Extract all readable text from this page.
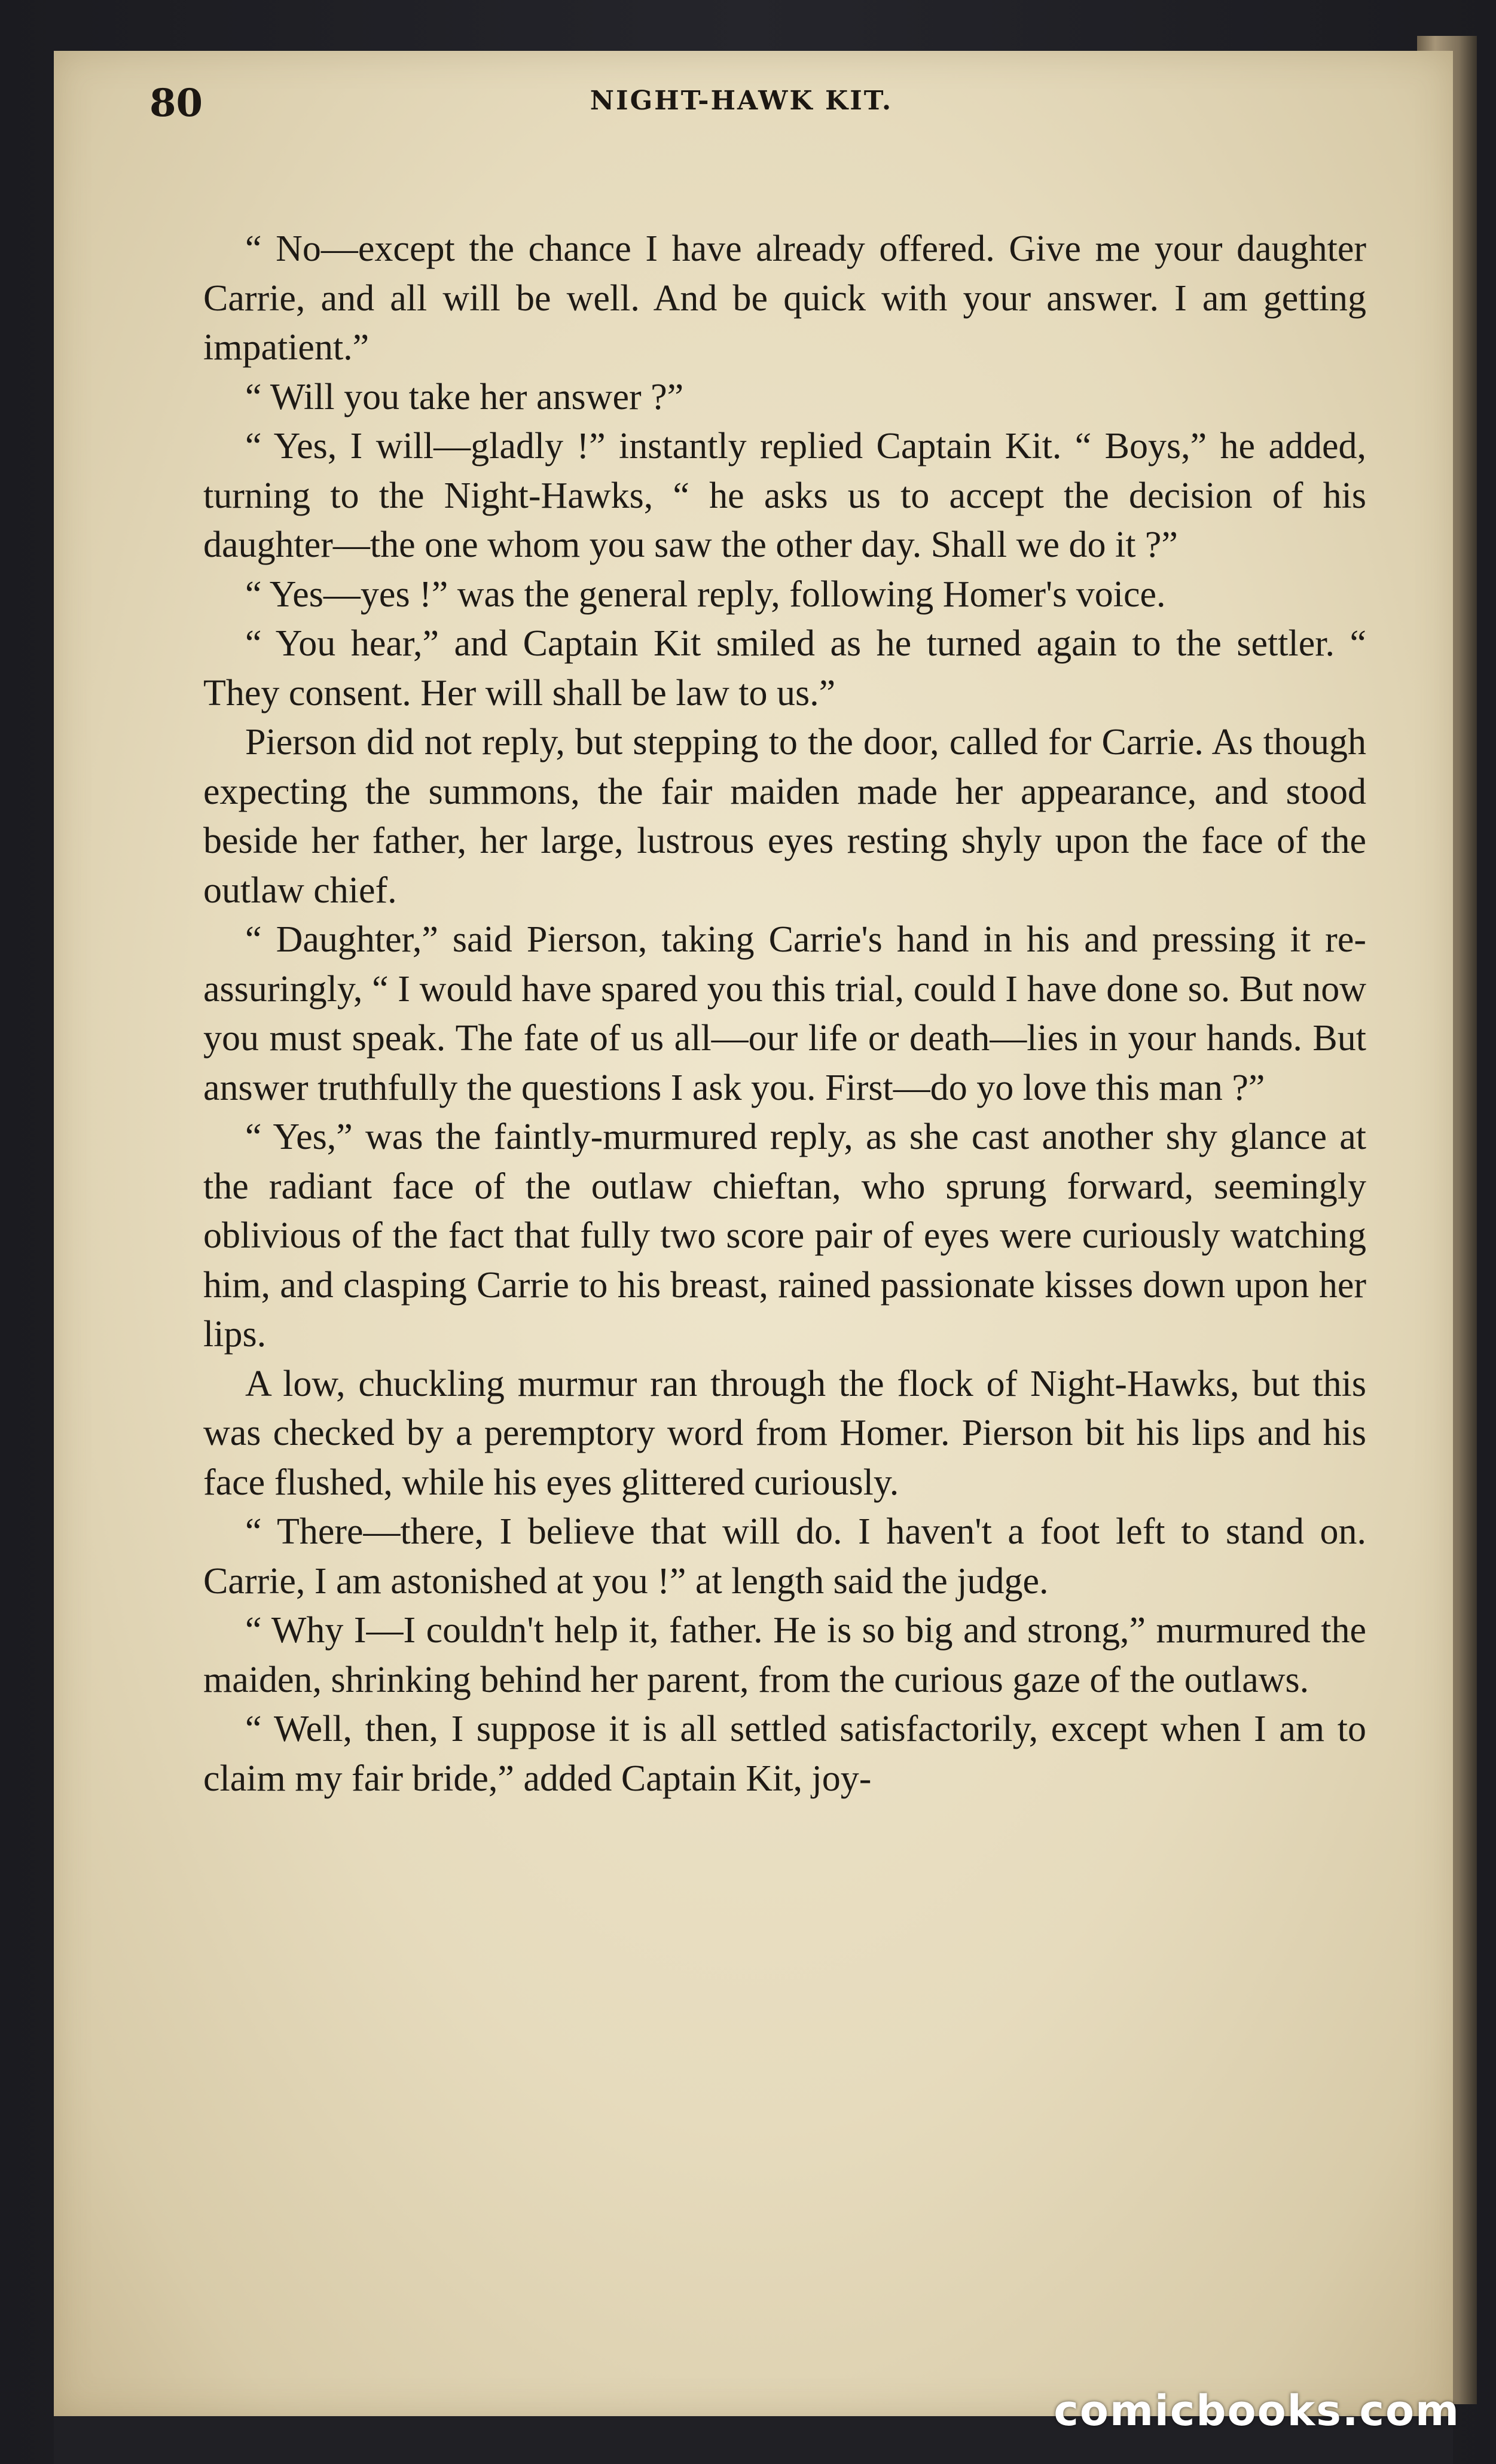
80	NIGHT-HAWK KIT.

“ No—except the chance I have already offered. Give me your daughter Carrie, and all will be well. And be quick with your answer. I am getting impatient.”

“ Will you take her answer ?”

“ Yes, I will—gladly !” instantly replied Captain Kit. “ Boys,” he added, turning to the Night-Hawks, “ he asks us to accept the decision of his daughter—the one whom you saw the other day. Shall we do it ?”

“ Yes—yes !” was the general reply, following Homer's voice.

“ You hear,” and Captain Kit smiled as he turned again to the settler. “ They consent. Her will shall be law to us.”

Pierson did not reply, but stepping to the door, called for Carrie. As though expecting the summons, the fair maiden made her appearance, and stood beside her father, her large, lustrous eyes resting shyly upon the face of the outlaw chief.

“ Daughter,” said Pierson, taking Carrie's hand in his and pressing it re-assuringly, “ I would have spared you this trial, could I have done so. But now you must speak. The fate of us all—our life or death—lies in your hands. But answer truthfully the questions I ask you. First—do yo love this man ?”

“ Yes,” was the faintly-murmured reply, as she cast another shy glance at the radiant face of the outlaw chieftan, who sprung forward, seemingly oblivious of the fact that fully two score pair of eyes were curiously watching him, and clasping Carrie to his breast, rained passionate kisses down upon her lips.

A low, chuckling murmur ran through the flock of Night-Hawks, but this was checked by a peremptory word from Homer. Pierson bit his lips and his face flushed, while his eyes glittered curiously.

“ There—there, I believe that will do. I haven't a foot left to stand on. Carrie, I am astonished at you !” at length said the judge.

“ Why I—I couldn't help it, father. He is so big and strong,” murmured the maiden, shrinking behind her parent, from the curious gaze of the outlaws.

“ Well, then, I suppose it is all settled satisfactorily, except when I am to claim my fair bride,” added Captain Kit, joy-

comicbooks.com
